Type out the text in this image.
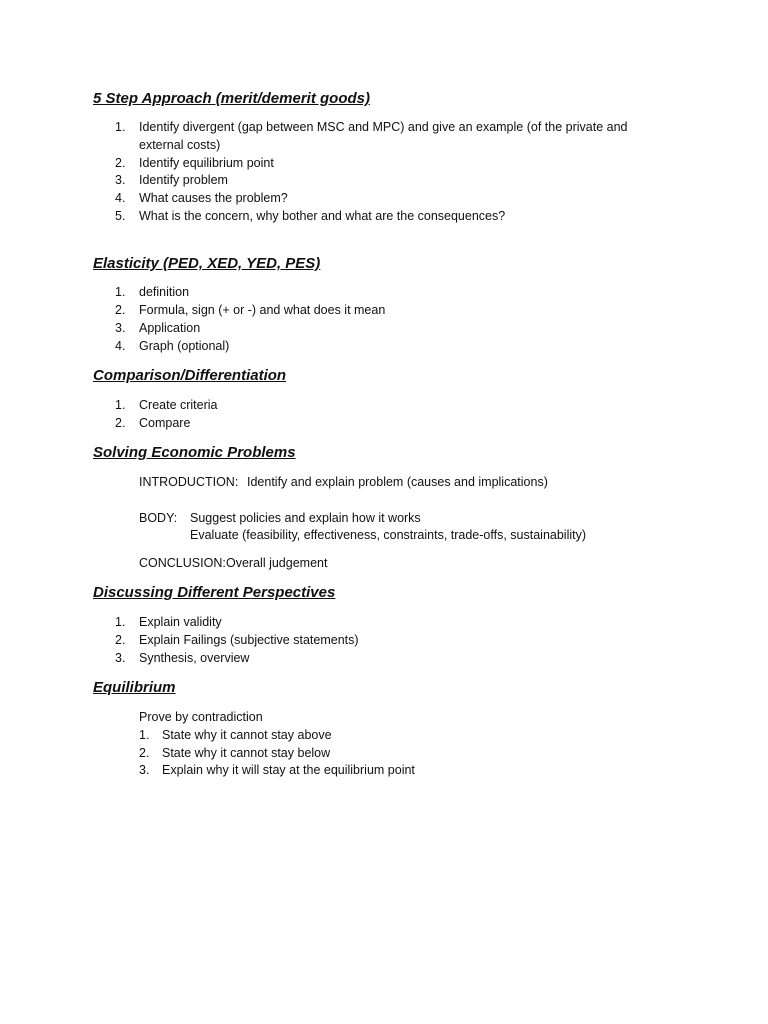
5 Step Approach (merit/demerit goods)
1.	Identify divergent (gap between MSC and MPC) and give an example (of the private and
external costs)
2.	Identify equilibrium point
3.	Identify problem
4.	What causes the problem?
5.	What is the concern, why bother and what are the consequences?
Elasticity (PED, XED, YED, PES)
1.	definition
2.	Formula, sign (+ or -) and what does it mean
3.	Application
4.	Graph (optional)
Comparison/Differentiation
1.	Create criteria
2.	Compare
Solving Economic Problems
INTRODUCTION: Identify and explain problem (causes and implications)
BODY: Suggest policies and explain how it works
Evaluate (feasibility, effectiveness, constraints, trade-offs, sustainability)
CONCLUSION: Overall judgement
Discussing Different Perspectives
1.	Explain validity
2.	Explain Failings (subjective statements)
3.	Synthesis, overview
Equilibrium
Prove by contradiction
1. State why it cannot stay above
2. State why it cannot stay below
3. Explain why it will stay at the equilibrium point
